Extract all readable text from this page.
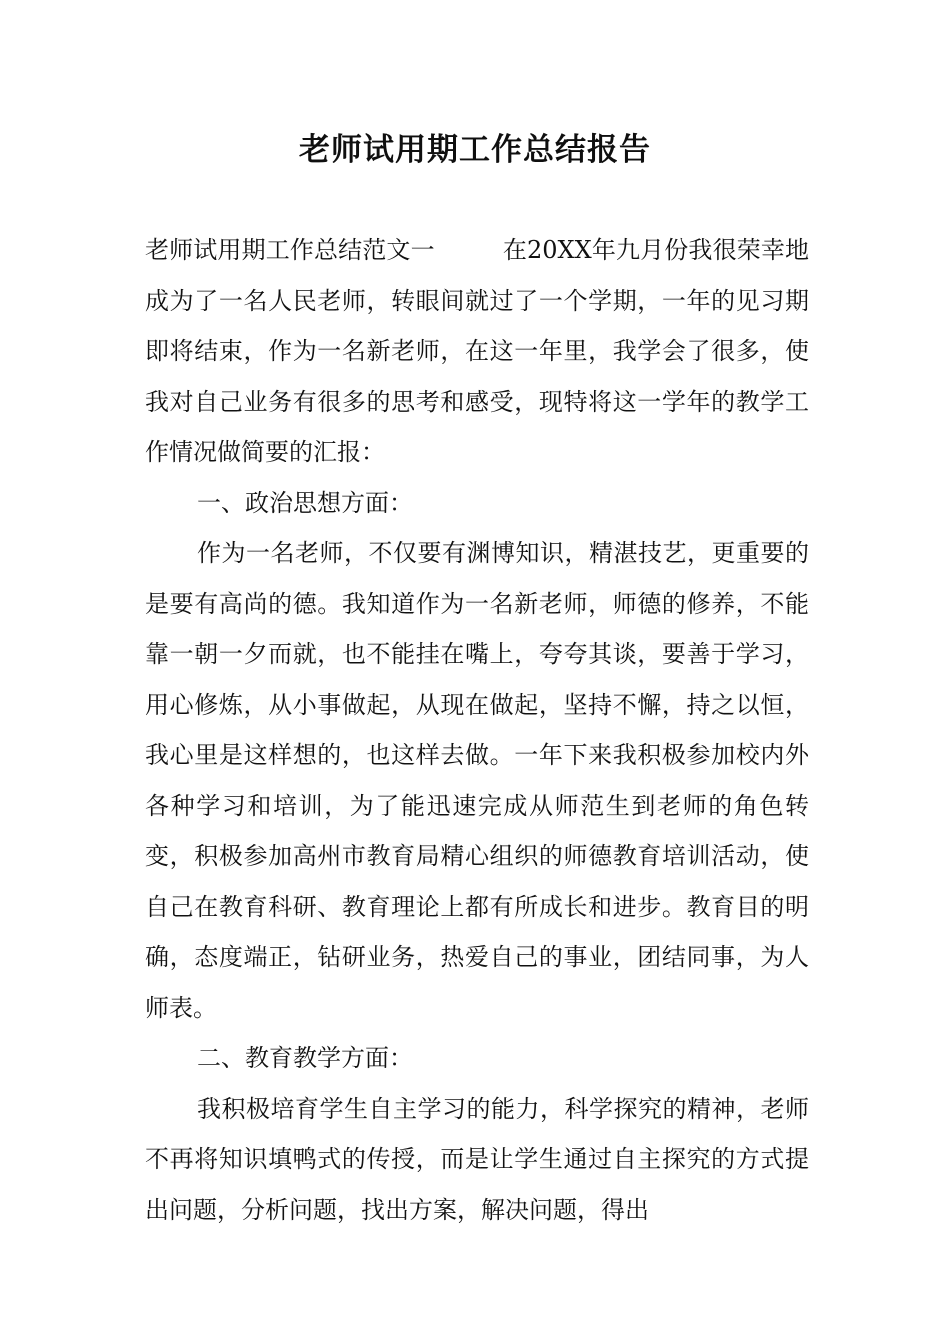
老师试用期工作总结报告

老师试用期工作总结范文一	在20XX年九月份我很荣幸地成为了一名人民老师，转眼间就过了一个学期，一年的见习期即将结束，作为一名新老师，在这一年里，我学会了很多，使我对自己业务有很多的思考和感受，现特将这一学年的教学工作情况做简要的汇报：

一、政治思想方面：

作为一名老师，不仅要有渊博知识，精湛技艺，更重要的是要有高尚的德。我知道作为一名新老师，师德的修养，不能靠一朝一夕而就，也不能挂在嘴上，夸夸其谈，要善于学习，用心修炼，从小事做起，从现在做起，坚持不懈，持之以恒，我心里是这样想的，也这样去做。一年下来我积极参加校内外各种学习和培训，为了能迅速完成从师范生到老师的角色转变，积极参加高州市教育局精心组织的师德教育培训活动，使自己在教育科研、教育理论上都有所成长和进步。教育目的明确，态度端正，钻研业务，热爱自己的事业，团结同事，为人师表。

二、教育教学方面：

我积极培育学生自主学习的能力，科学探究的精神，老师不再将知识填鸭式的传授，而是让学生通过自主探究的方式提出问题，分析问题，找出方案，解决问题，得出
